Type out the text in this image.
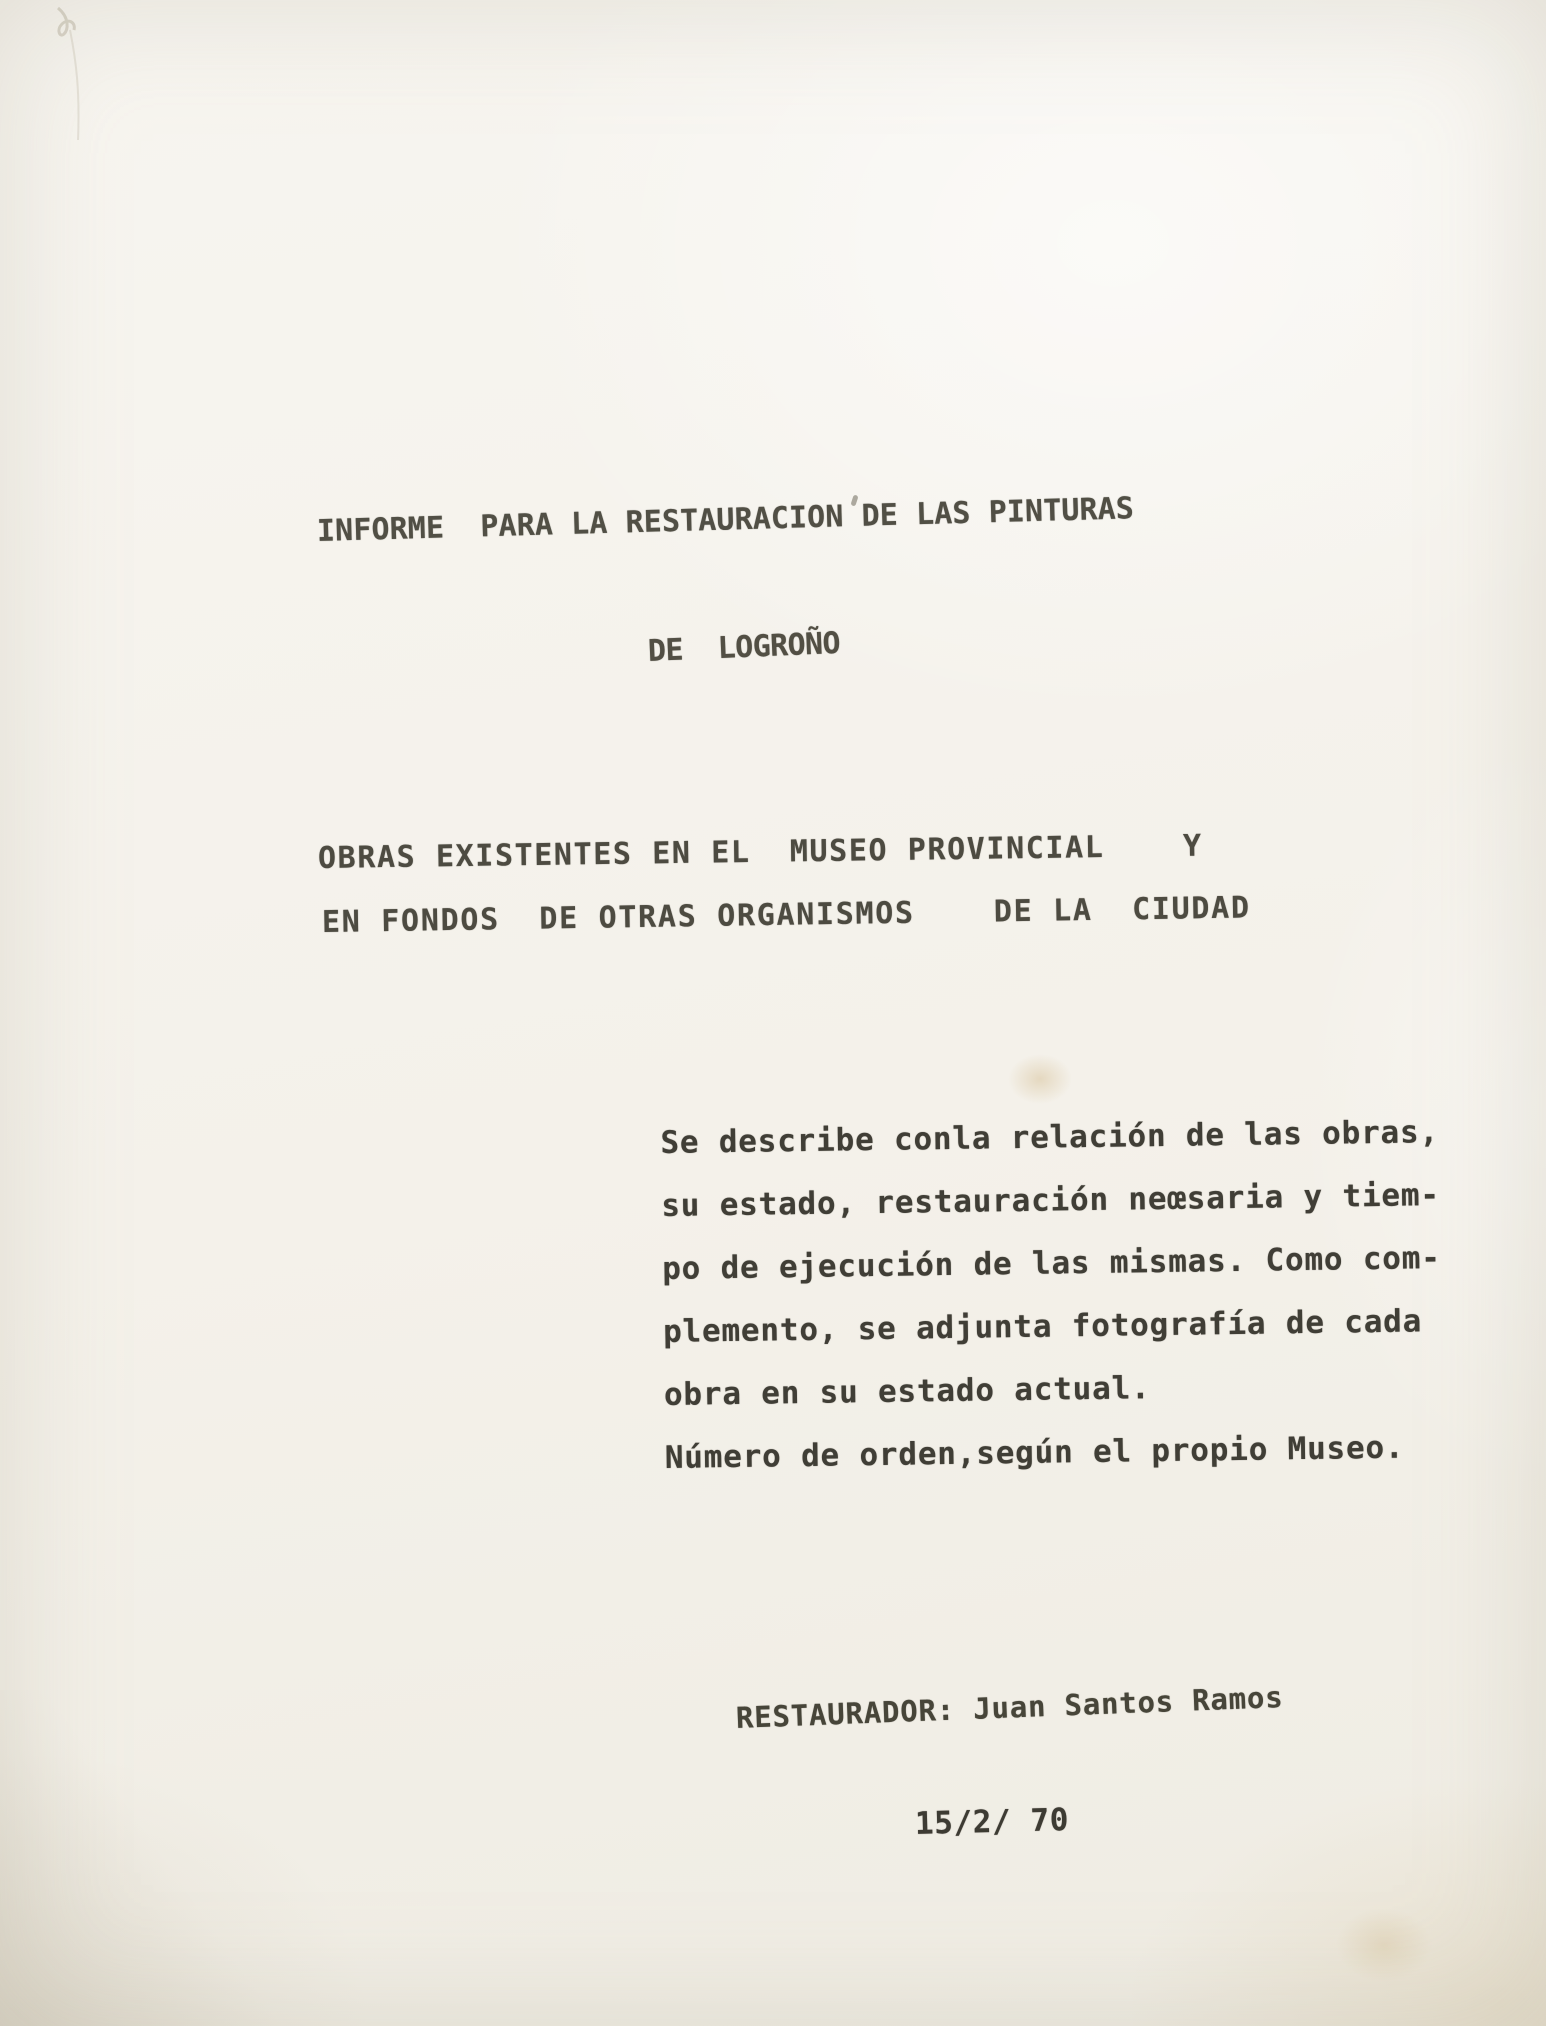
INFORME  PARA LA RESTAURACION DE LAS PINTURAS
DE  LOGROÑO
OBRAS EXISTENTES EN EL  MUSEO PROVINCIAL    Y
EN FONDOS  DE OTRAS ORGANISMOS    DE LA  CIUDAD
Se describe conla relación de las obras,
su estado, restauración neœsaria y tiem-
po de ejecución de las mismas. Como com-
plemento, se adjunta fotografía de cada
obra en su estado actual.
Número de orden,según el propio Museo.
RESTAURADOR: Juan Santos Ramos
15/2/ 70
